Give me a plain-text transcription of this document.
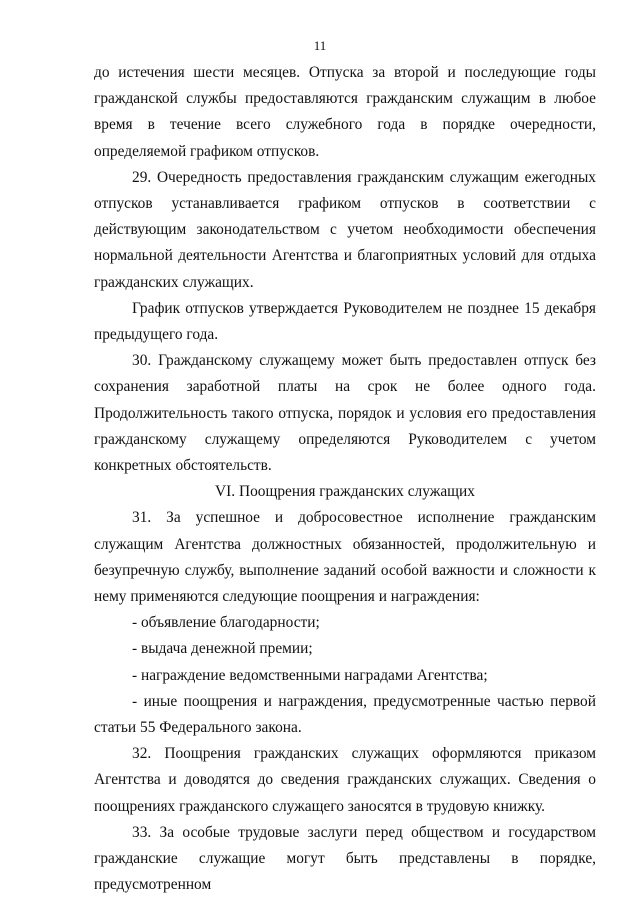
11

до истечения шести месяцев. Отпуска за второй и последующие годы гражданской службы предоставляются гражданским служащим в любое время в течение всего служебного года в порядке очередности, определяемой графиком отпусков.

29. Очередность предоставления гражданским служащим ежегодных отпусков устанавливается графиком отпусков в соответствии с действующим законодательством с учетом необходимости обеспечения нормальной деятельности Агентства и благоприятных условий для отдыха гражданских служащих.

График отпусков утверждается Руководителем не позднее 15 декабря предыдущего года.

30. Гражданскому служащему может быть предоставлен отпуск без сохранения заработной платы на срок не более одного года. Продолжительность такого отпуска, порядок и условия его предоставления гражданскому служащему определяются Руководителем с учетом конкретных обстоятельств.

VI. Поощрения гражданских служащих

31. За успешное и добросовестное исполнение гражданским служащим Агентства должностных обязанностей, продолжительную и безупречную службу, выполнение заданий особой важности и сложности к нему применяются следующие поощрения и награждения:

- объявление благодарности;

- выдача денежной премии;

- награждение ведомственными наградами Агентства;

- иные поощрения и награждения, предусмотренные частью первой статьи 55 Федерального закона.

32. Поощрения гражданских служащих оформляются приказом Агентства и доводятся до сведения гражданских служащих. Сведения о поощрениях гражданского служащего заносятся в трудовую книжку.

33. За особые трудовые заслуги перед обществом и государством гражданские служащие могут быть представлены в порядке, предусмотренном
